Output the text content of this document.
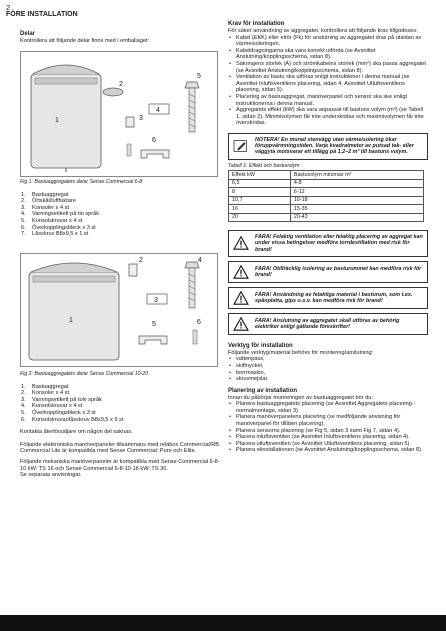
2
FÖRE INSTALLATION
Delar

Kontrollera att följande delar finns med i emballaget:

1
2
3
4
5
6
Fig 1: Bastuaggregatets delar Sense Commercial 6-8
1. Bastuaggregat
2. Örtskål/luftfuktare
3. Konsoler x 4 st
4. Varningsetikett på tio språk
5. Konsolskruvar x 4 st
6. Överkopplingsbleck x 3 st
7. Låsskruv B8x9,5 x 1 st
1
2
3
4
5	6
Fig 2: Bastuaggregatets delar Sense Commercial 10-20
1. Bastuaggregat
2. Konsoler x 4 st
3. Varningsetikett på tolv språk
4. Konsolskruvar x 4 st
5. Överkopplingsbleck x 3 st
6. Konsolskruvar/låsskruv B8x9,5 x 9 st

Kontakta återförsäljare om någon del saknas.

Följande elektroniska manöverpaneler tillsammans med reläbox Commercial/RB Commercial Lite är kompatibla med Sense Commercial: Pure och Elite.

Följande mekaniska manöverpaneler är kompatibla med Sense Commercial 6-8-10 kW: TS 16 och Sense Commercial 6-8-10-16 kW: TS 30.

Se separata anvisningar.

Krav för installation

För säker användning av aggregatet, kontrollera att följande krav tillgodoses:

• Kabel (EKK) eller elrör (Fk) för anslutning av aggregatet dras på utsidan av värmeisoleringen.
• Kabeldragningarna ska vara korrekt utförda (se Avsnittet Anslutning/kopplingsschema, sidan 8).
• Säkringens storlek (A) och strömkabelns storlek (mm²) ska passa aggregatet (se Avsnittet Anslutning/kopplingsschema, sidan 8).
• Ventilation av bastu ska utföras enligt instruktioner i denna manual (se Avsnittet Inluftsventilens placering, sidan 4, Avsnittet Utluftsventilens placering, sidan 5).
• Placering av bastuaggregat, manöverpanel och sensor ska ske enligt instruktionerna i denna manual.
• Aggregatets effekt (kW) ska vara anpassat till bastuns volym (m³) (se Tabell 1, sidan 2). Minimivolymen får inte underskridas och maximivolymen får inte överskridas.
NOTERA! En murad stenvägg utan värmeisolering ökar föruppvärmningstiden. Varje kvadratmeter av putsad tak- eller väggyta motsvarar ett tillägg på 1,2–2 m³ till bastuns volym.
Tabell 1: Effekt och bastuvolym
Effekt kW	Bastuvolym min/max m³
6,5	4-8
8	6-12
10,7	10-18
16	15-35
20	20-43
FARA! Felaktig ventilation eller felaktig placering av aggregat kan under vissa betingelser medföra torrdestillation med risk för brand!
FARA! Otillräcklig isolering av basturummet kan medföra risk för brand!
FARA! Användning av felaktiga material i basturum, som t.ex. spånplatta, gips o.s.v. kan medföra risk för brand!
FARA! Anslutning av aggregatet skall utföras av behörig elektriker enligt gällande föreskrifter!
Verktyg för installation

Följande verktyg/material behövs för montering/anslutning:

• vattenpass,
• skiftnyckel,
• borrmaskin,
• skruvmejslar.
Planering av installation

Innan du påbörjar monteringen av bastuaggregatet bör du:

• Planera bastuaggregatets placering (se Avsnittet Aggregatets placering - normalmontage, sidan 3).
• Planera manöverpanelens placering (se medföljande anvisning för manöverpanel för tillåten placering).
• Planera sensorns placering (se Fig 5, sidan 3 samt Fig 7, sidan 4).
• Placera inluftsventilen (se Avsnittet Inluftsventilens placering, sidan 4).
• Placera utluftsventilen (se Avsnittet Utluftsventilens placering, sidan 5).
• Planera elinstallationen (se Avsnittet Anslutning/kopplingsschema, sidan 8).
